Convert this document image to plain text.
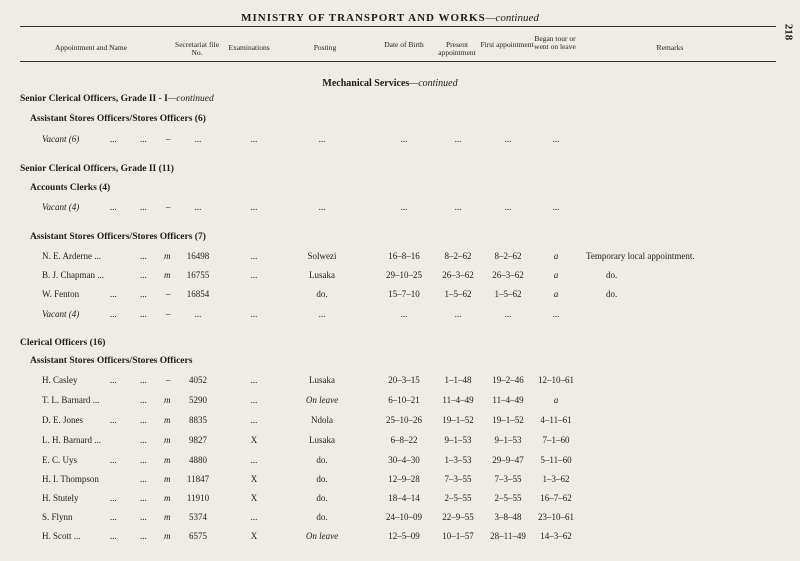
MINISTRY OF TRANSPORT AND WORKS—continued
218
Appointment and Name	Secretariat file No.
Examinations	Posting	Date of Birth	Present appointment
First appointment
Began tour or went on leave	Remarks
Mechanical Services—continued
Senior Clerical Officers, Grade II - I—continued
Assistant Stores Officers/Stores Officers (6)
Vacant (6)	...	... –	...	...	...	...	...	...	...
Senior Clerical Officers, Grade II (11)
Accounts Clerks (4)
Vacant (4)	...	... –	...	...	...	...	...	...	...
Assistant Stores Officers/Stores Officers (7)
N. E. Arderne ...	... m	16498	...	Solwezi	16–8–16	8–2–62	8–2–62	a	Temporary local appointment.
B. J. Chapman ...	... m	16755	...	Lusaka	29–10–25	26–3–62	26–3–62	a	do.
W. Fenton	...	... –	16854	do.	15–7–10	1–5–62	1–5–62	a	do.
Vacant (4)	...	... –	...	...	...	...	...	...	...
Clerical Officers (16)
Assistant Stores Officers/Stores Officers
H. Casley	...	... –	4052	...	Lusaka	20–3–15	1–1–48	19–2–46	12–10–61
T. L. Barnard ...	... m	5290	...	On leave	6–10–21	11–4–49	11–4–49	a
D. E. Jones	...	... m	8835	...	Ndola	25–10–26	19–1–52	19–1–52	4–11–61
L. H. Barnard ...	... m	9827	X	Lusaka	6–8–22	9–1–53	9–1–53	7–1–60
E. C. Uys	...	... m	4880	...	do.	30–4–30	1–3–53	29–9–47	5–11–60
H. I. Thompson	... m	11847	X	do.	12–9–28	7–3–55	7–3–55	1–3–62
H. Stutely	...	... m	11910	X	do.	18–4–14	2–5–55	2–5–55	16–7–62
S. Flynn	...	... m	5374	...	do.	24–10–09	22–9–55	3–8–48	23–10–61
H. Scott ...	...	... m	6575	X	On leave	12–5–09	10–1–57	28–11–49	14–3–62
